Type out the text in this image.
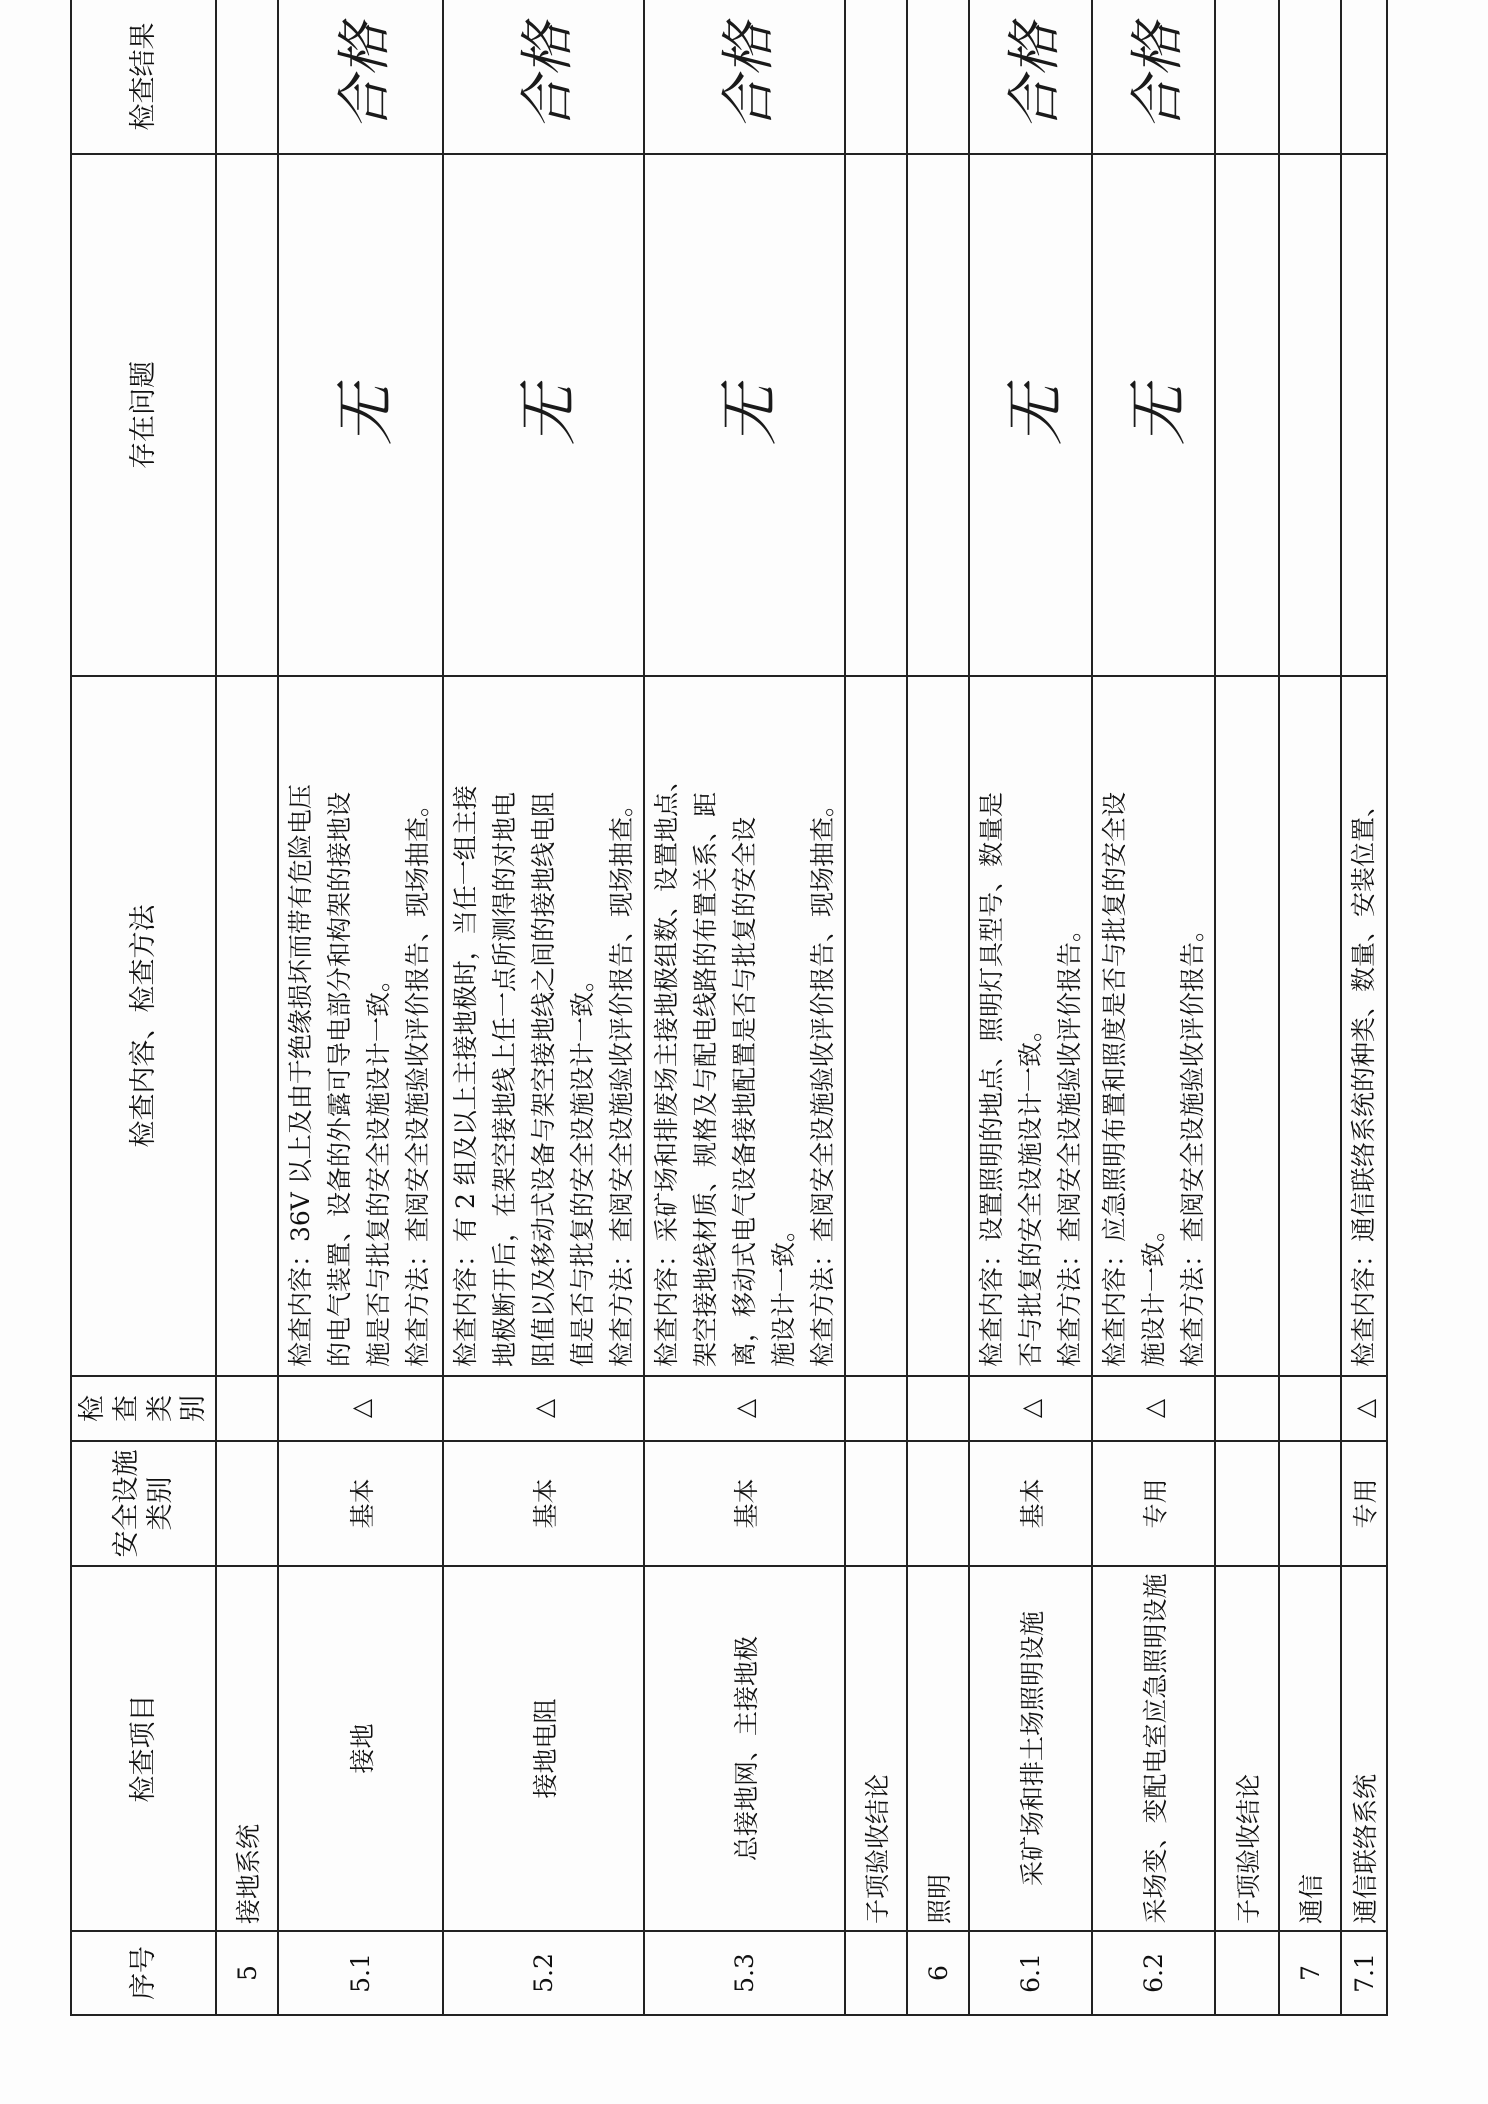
序号	检查项目	安全设施类别	检查类别	检查内容、检查方法	存在问题	检查结果
5	接地系统					
5.1	接地	基本	△	检查内容：36V 以上及由于绝缘损坏而带有危险电压 的电气装置、设备的外露可导电部分和构架的接地设 施是否与批复的安全设施设计一致。 检查方法：查阅安全设施验收评价报告、现场抽查。	无	合格
5.2	接地电阻	基本	△	检查内容：有 2 组及以上主接地极时，当任一组主接 地极断开后，在架空接地线上任一点所测得的对地电 阻值以及移动式设备与架空接地线之间的接地线电阻 值是否与批复的安全设施设计一致。 检查方法：查阅安全设施验收评价报告、现场抽查。	无	合格
5.3	总接地网、主接地极	基本	△	检查内容：采矿场和排废场主接地极组数、设置地点、 架空接地线材质、规格及与配电线路的布置关系、距 离，移动式电气设备接地配置是否与批复的安全设 施设计一致。 检查方法：查阅安全设施验收评价报告、现场抽查。	无	合格
	子项验收结论					
6	照明					
6.1	采矿场和排土场照明设施	基本	△	检查内容：设置照明的地点、照明灯具型号、数量是 否与批复的安全设施设计一致。 检查方法：查阅安全设施验收评价报告。	无	合格
6.2	采场变、变配电室应急照明设施	专用	△	检查内容：应急照明布置和照度是否与批复的安全设 施设计一致。 检查方法：查阅安全设施验收评价报告。	无	合格
	子项验收结论					
7	通信					
7.1	通信联络系统	专用	△	检查内容：通信联络系统的种类、数量、安装位置、		
